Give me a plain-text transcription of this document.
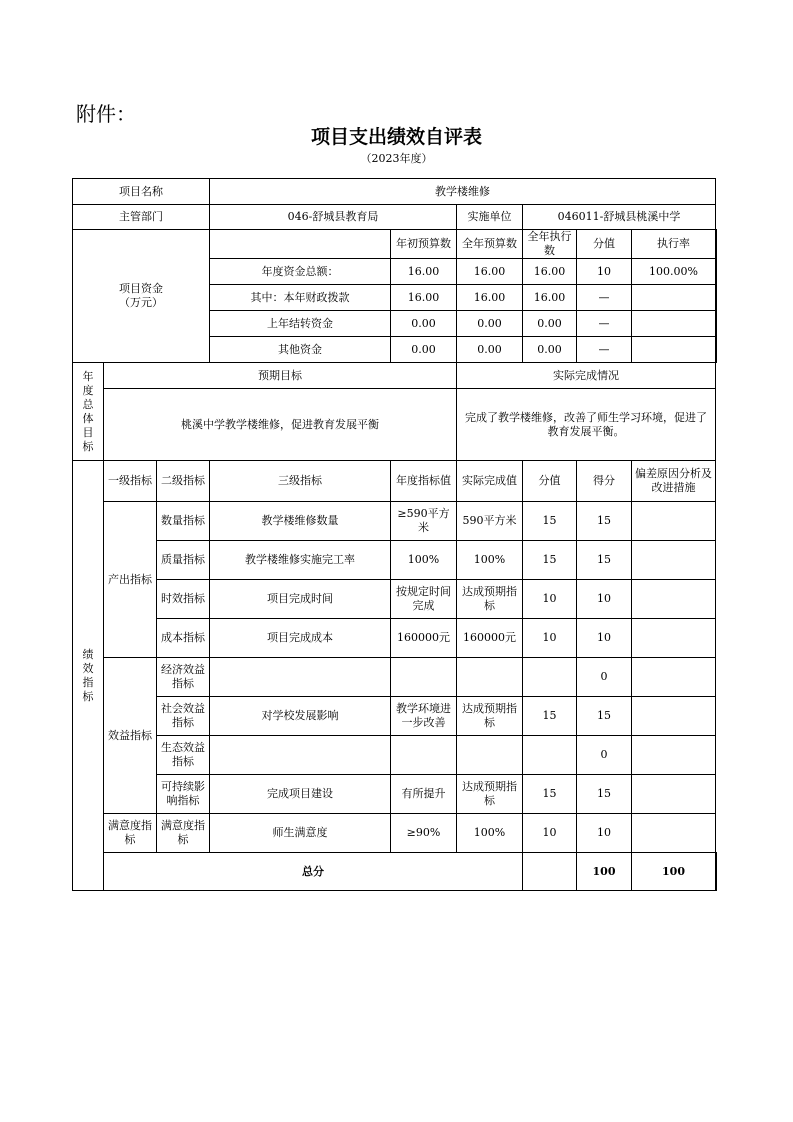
附件：
项目支出绩效自评表
（2023年度）
项目名称			教学楼维修						
主管部门			046-舒城县教育局		实施单位	046011-舒城县桃溪中学			
项目资金
（万元）				年初预算数	全年预算数	全年执行数	分值	执行率	
			年度资金总额：	16.00	16.00	16.00	10	100.00%	
			其中：本年财政拨款	16.00	16.00	16.00	—		
			上年结转资金	0.00	0.00	0.00	—		
			其他资金	0.00	0.00	0.00	—		
年度总体目标	预期目标				实际完成情况				
	桃溪中学教学楼维修，促进教育发展平衡				完成了教学楼维修，改善了师生学习环境，促进了教育发展平衡。				
绩效指标	一级指标	二级指标	三级指标	年度指标值	实际完成值	分值	得分	偏差原因分析及改进措施	
	产出指标	数量指标	教学楼维修数量	≥590平方米	590平方米	15	15		
		质量指标	教学楼维修实施完工率	100%	100%	15	15		
		时效指标	项目完成时间	按规定时间完成	达成预期指标	10	10		
		成本指标	项目完成成本	160000元	160000元	10	10		
	效益指标	经济效益指标					0		
		社会效益指标	对学校发展影响	教学环境进一步改善	达成预期指标	15	15		
		生态效益指标					0		
		可持续影响指标	完成项目建设	有所提升	达成预期指标	15	15		
	满意度指标	满意度指标	师生满意度	≥90%	100%	10	10		
	总分						100	100	
